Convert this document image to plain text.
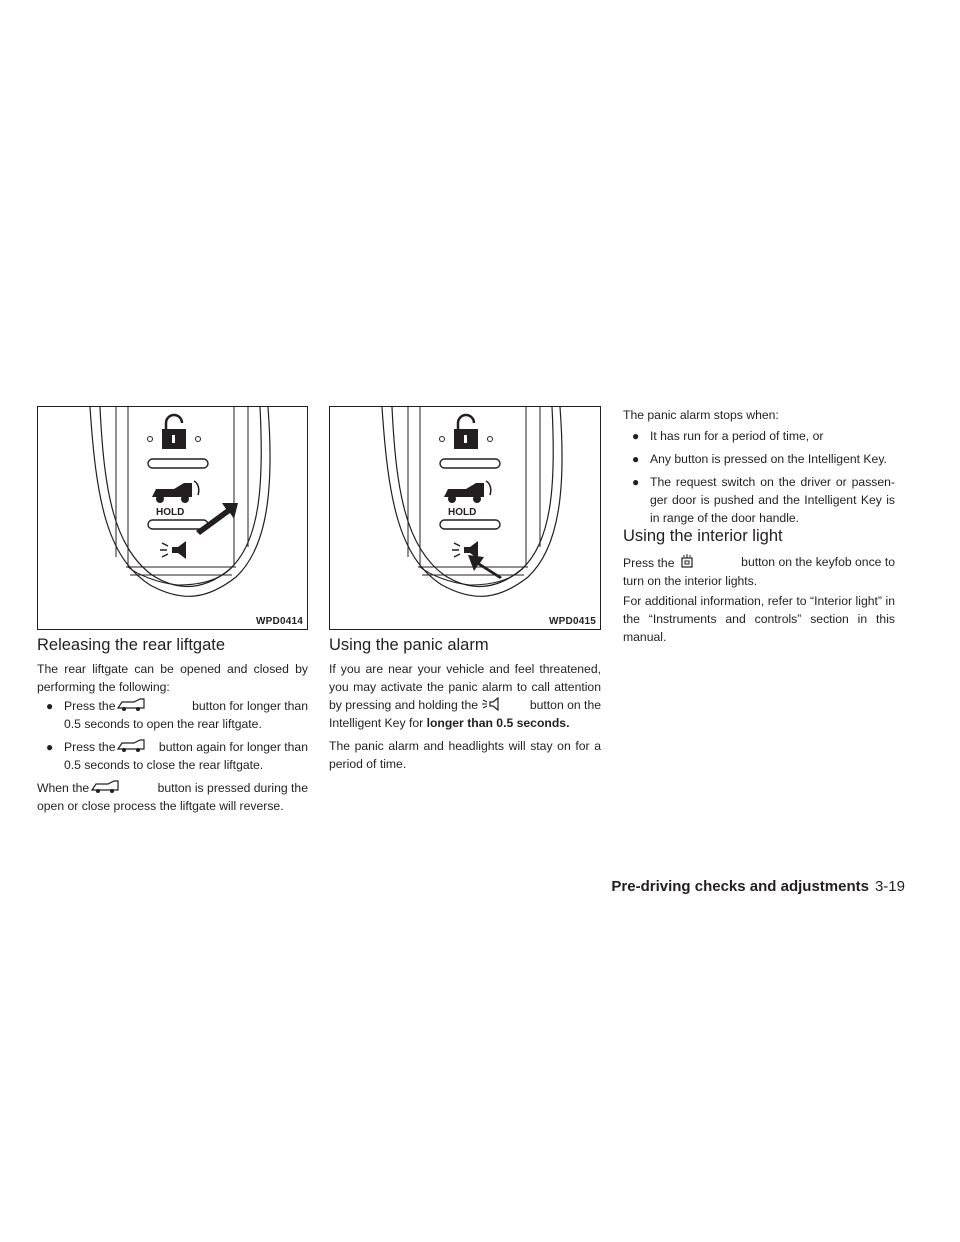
HOLD
WPD0414
HOLD
WPD0415
Releasing the rear liftgate

The rear liftgate can be opened and closed by performing the following:

● Press the	button for longer than
0.5 seconds to open the rear liftgate.
● Press the	button again for longer than
0.5 seconds to close the rear liftgate.
When the	button is pressed during the
open or close process the liftgate will reverse.
Using the panic alarm
If you are near your vehicle and feel threatened,
you may activate the panic alarm to call attention
by pressing and holding the	button on the
Intelligent Key for longer than 0.5 seconds.

The panic alarm and headlights will stay on for a period of time.

The panic alarm stops when:

● It has run for a period of time, or
● Any button is pressed on the Intelligent Key.
● The request switch on the driver or passen-ger door is pushed and the Intelligent Key is in range of the door handle.
Using the interior light
Press the	button on the keyfob once to
turn on the interior lights.

For additional information, refer to “Interior light” in the “Instruments and controls” section in this manual.

Pre-driving checks and adjustments 3-19
